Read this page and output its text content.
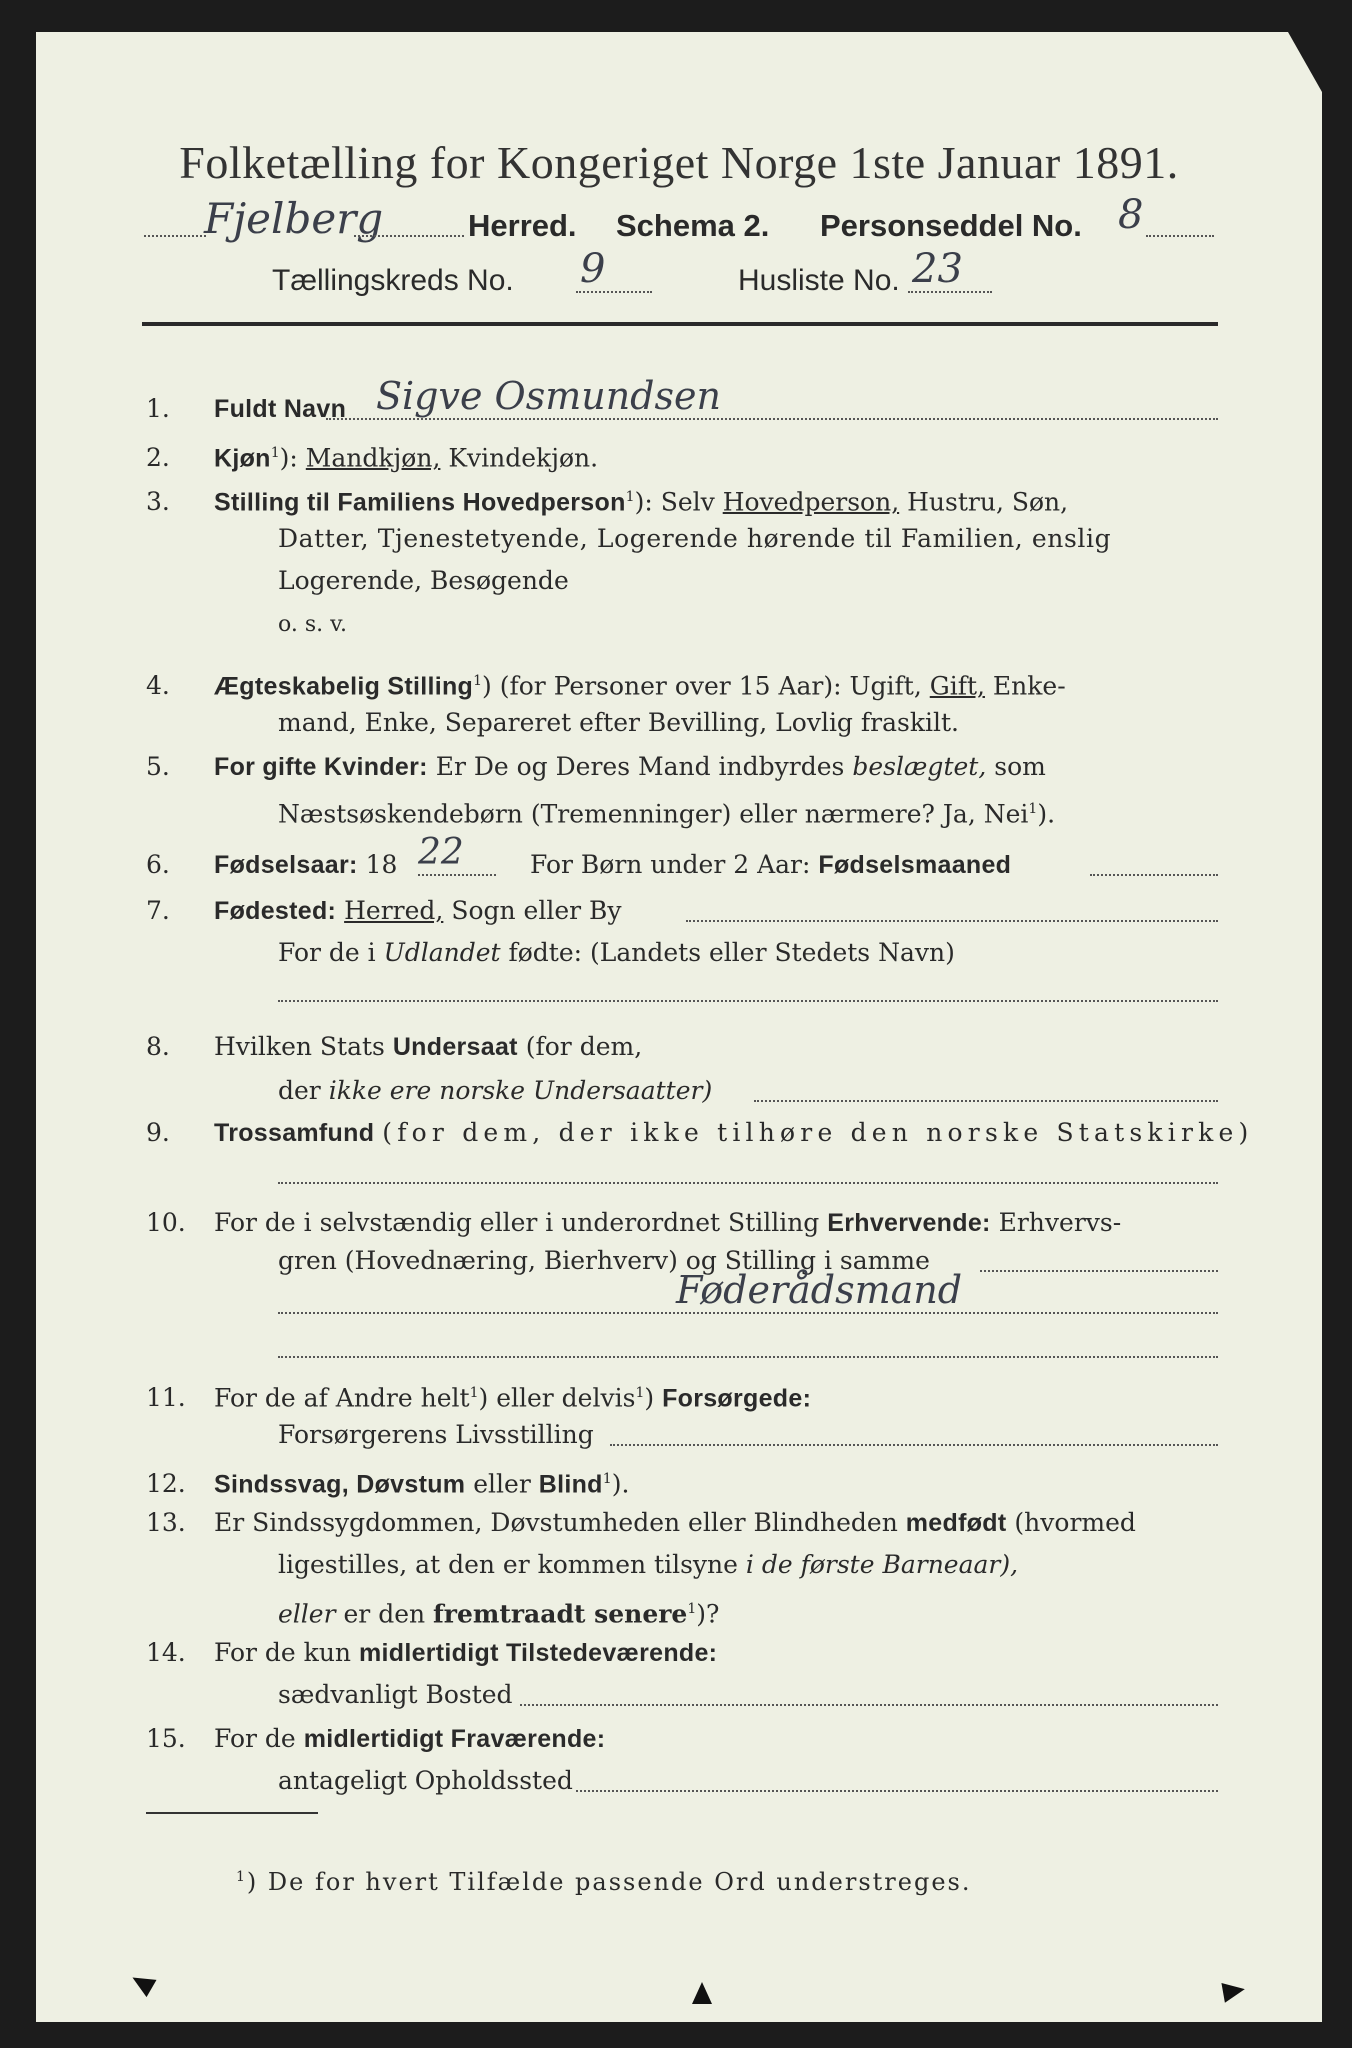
Folketælling for Kongeriget Norge 1ste Januar 1891.
Fjelberg	Herred. Schema 2. Personseddel No. 8
Tællingskreds No. 9	Husliste No. 23
1. Fuldt Navn Sigve Osmundsen
2. Kjøn$^1$): Mandkjøn, Kvindekjøn.
3. Stilling til Familiens Hovedperson$^1$): Selv Hovedperson, Hustru, Søn,
Datter, Tjenestetyende, Logerende hørende til Familien, enslig
Logerende, Besøgende
o. s. v.
4. Ægteskabelig Stilling$^1$) (for Personer over 15 Aar): Ugift, Gift, Enke-
mand, Enke, Separeret efter Bevilling, Lovlig fraskilt.
5. For gifte Kvinder: Er De og Deres Mand indbyrdes beslægtet, som
Næstsøskendebørn (Tremenninger) eller nærmere? Ja, Nei$^1$).
6. Fødselsaar: 18 22	For Børn under 2 Aar: Fødselsmaaned
7. Fødested: Herred, Sogn eller By
For de i Udlandet fødte: (Landets eller Stedets Navn)
8. Hvilken Stats Undersaat (for dem,
der ikke ere norske Undersaatter)
9. Trossamfund (for dem, der ikke tilhøre den norske Statskirke)
10. For de i selvstændig eller i underordnet Stilling Erhvervende: Erhvervs-
gren (Hovednæring, Bierhverv) og Stilling i samme
Føderådsmand
11. For de af Andre helt$^1$) eller delvis$^1$) Forsørgede:
Forsørgerens Livsstilling
12. Sindssvag, Døvstum eller Blind$^1$).
13. Er Sindssygdommen, Døvstumheden eller Blindheden medfødt (hvormed
ligestilles, at den er kommen tilsyne i de første Barneaar),
eller er den fremtraadt senere$^1$)?
14. For de kun midlertidigt Tilstedeværende:
sædvanligt Bosted
15. For de midlertidigt Fraværende:
antageligt Opholdssted
$^1$) De for hvert Tilfælde passende Ord understreges.
